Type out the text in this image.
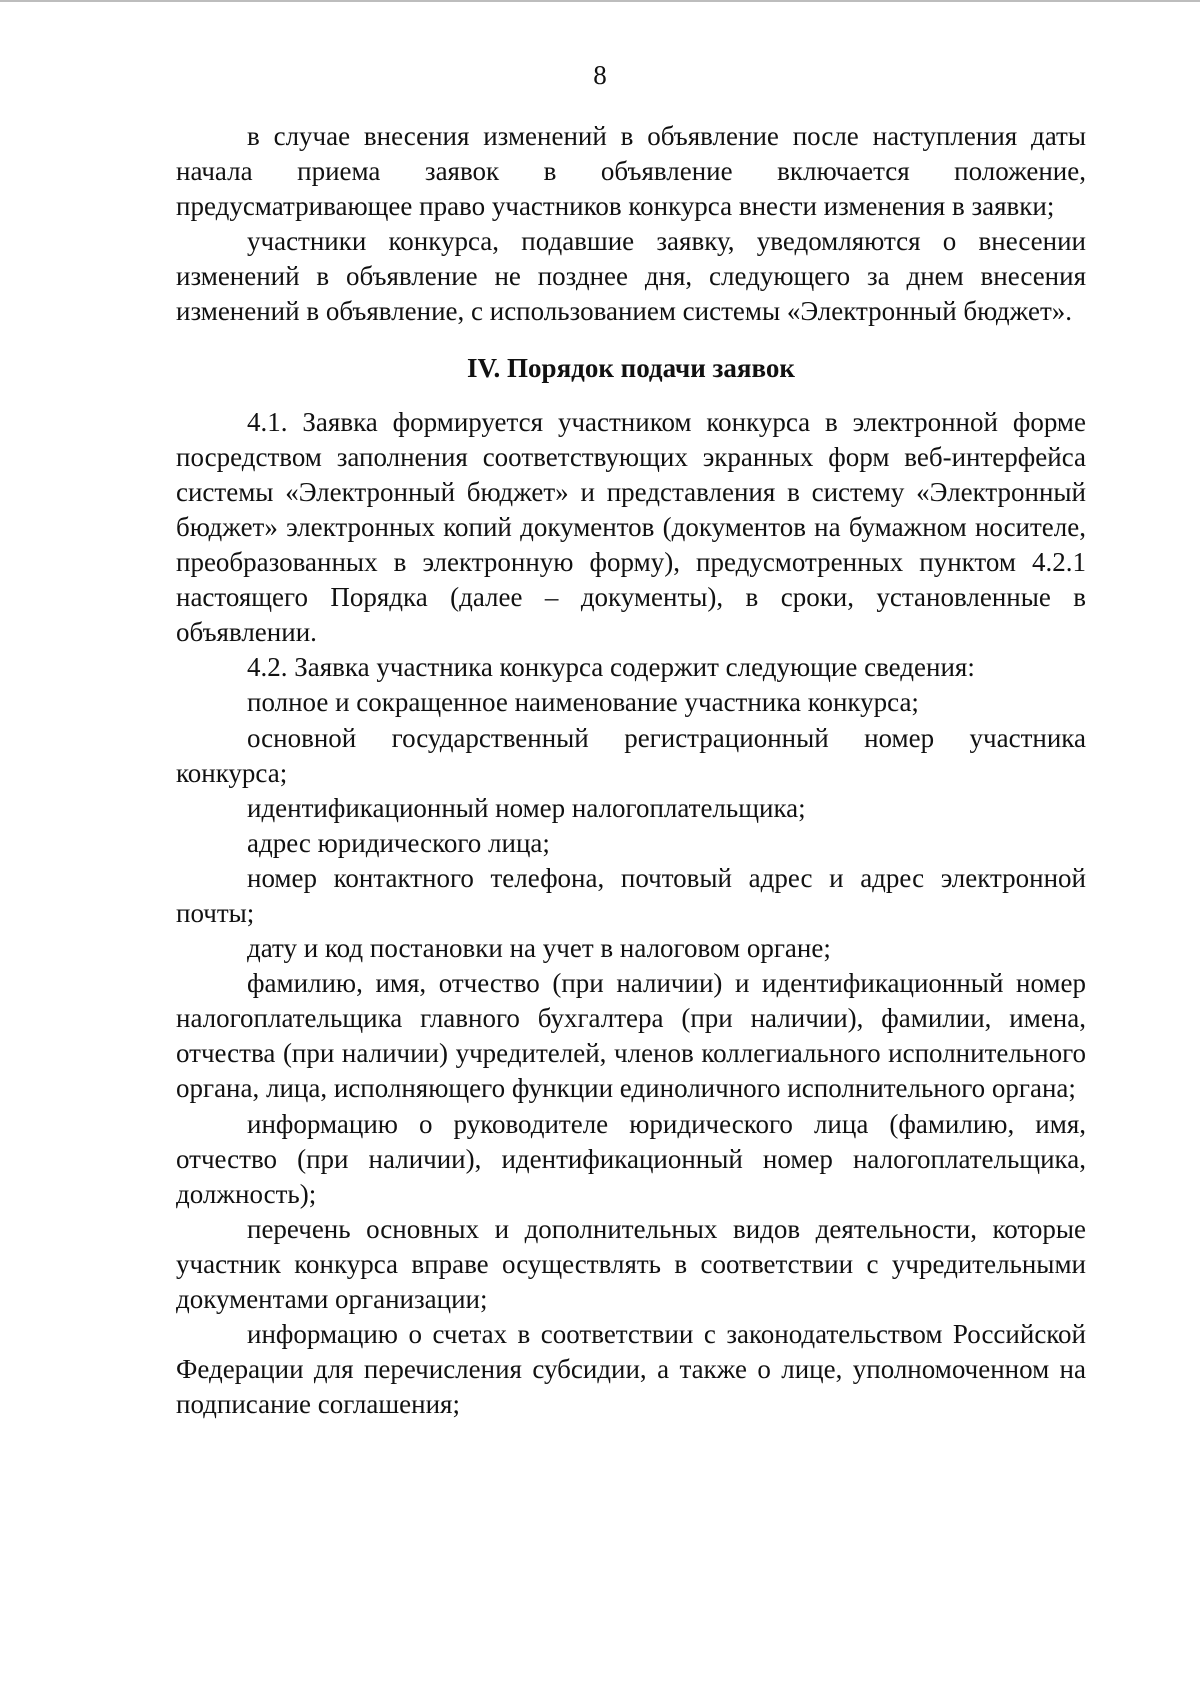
8

в случае внесения изменений в объявление после наступления даты начала приема заявок в объявление включается положение, предусматривающее право участников конкурса внести изменения в заявки;

участники конкурса, подавшие заявку, уведомляются о внесении изменений в объявление не позднее дня, следующего за днем внесения изменений в объявление, с использованием системы «Электронный бюджет».

IV. Порядок подачи заявок

4.1. Заявка формируется участником конкурса в электронной форме посредством заполнения соответствующих экранных форм веб-интерфейса системы «Электронный бюджет» и представления в систему «Электронный бюджет» электронных копий документов (документов на бумажном носителе, преобразованных в электронную форму), предусмотренных пунктом 4.2.1 настоящего Порядка (далее – документы), в сроки, установленные в объявлении.

4.2. Заявка участника конкурса содержит следующие сведения:

полное и сокращенное наименование участника конкурса;

основной государственный регистрационный номер участника конкурса;

идентификационный номер налогоплательщика;

адрес юридического лица;

номер контактного телефона, почтовый адрес и адрес электронной почты;

дату и код постановки на учет в налоговом органе;

фамилию, имя, отчество (при наличии) и идентификационный номер налогоплательщика главного бухгалтера (при наличии), фамилии, имена, отчества (при наличии) учредителей, членов коллегиального исполнительного органа, лица, исполняющего функции единоличного исполнительного органа;

информацию о руководителе юридического лица (фамилию, имя, отчество (при наличии), идентификационный номер налогоплательщика, должность);

перечень основных и дополнительных видов деятельности, которые участник конкурса вправе осуществлять в соответствии с учредительными документами организации;

информацию о счетах в соответствии с законодательством Российской Федерации для перечисления субсидии, а также о лице, уполномоченном на подписание соглашения;
